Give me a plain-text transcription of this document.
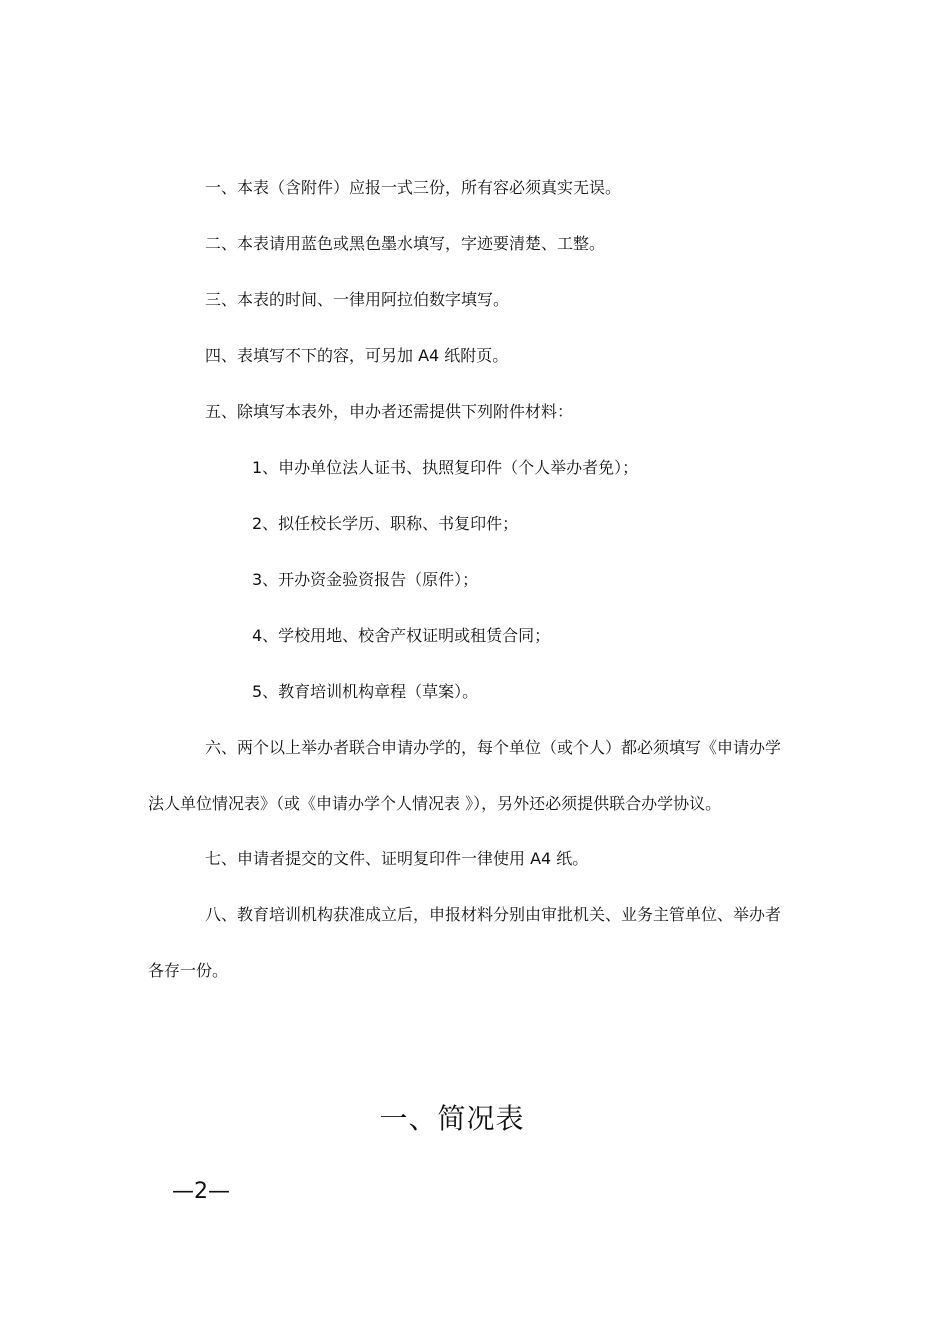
一、本表（含附件）应报一式三份，所有容必须真实无误。
二、本表请用蓝色或黑色墨水填写，字迹要清楚、工整。
三、本表的时间、一律用阿拉伯数字填写。
四、表填写不下的容，可另加 A4 纸附页。
五、除填写本表外，申办者还需提供下列附件材料：
1、申办单位法人证书、执照复印件（个人举办者免）；
2、拟任校长学历、职称、书复印件；
3、开办资金验资报告（原件）；
4、学校用地、校舍产权证明或租赁合同；
5、教育培训机构章程（草案）。
六、两个以上举办者联合申请办学的，每个单位（或个人）都必须填写《申请办学
法人单位情况表》（或《申请办学个人情况表 》），另外还必须提供联合办学协议。
七、申请者提交的文件、证明复印件一律使用 A4 纸。
八、教育培训机构获准成立后，申报材料分别由审批机关、业务主管单位、举办者
各存一份。
一、简况表
—2—
